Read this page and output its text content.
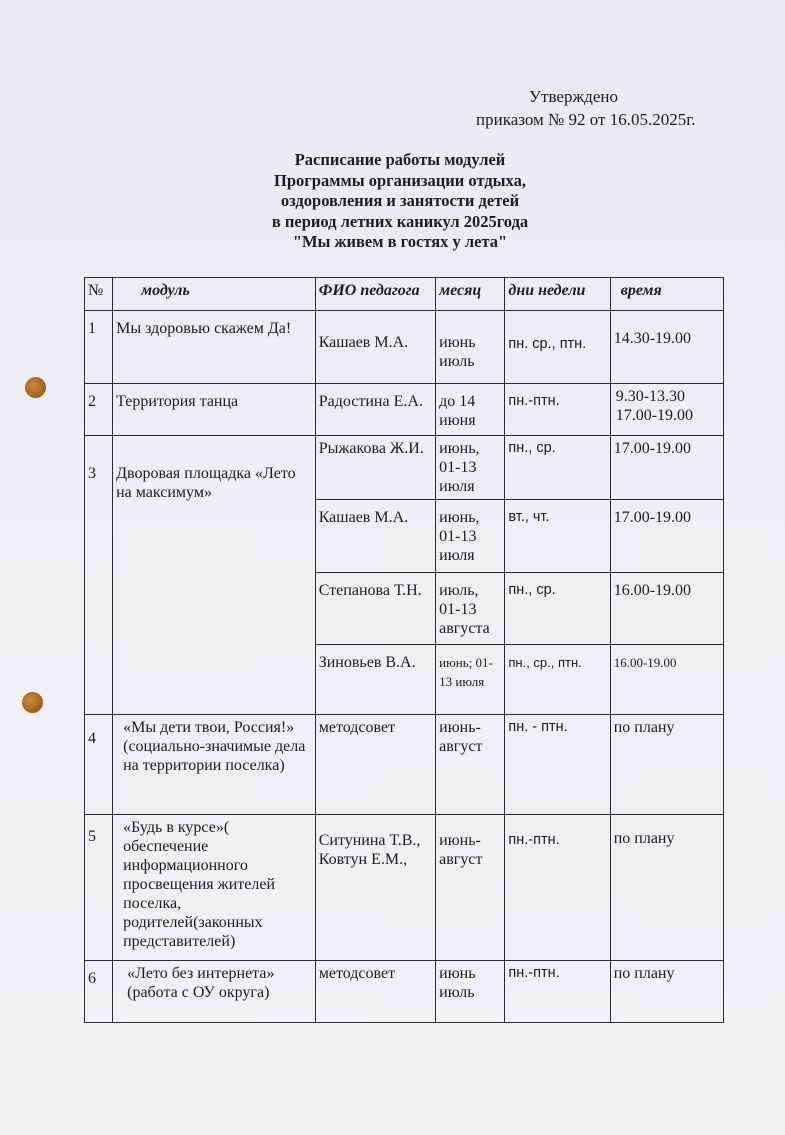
Утверждено
приказом № 92 от 16.05.2025г.
Расписание работы модулей
Программы организации отдыха,
оздоровления и занятости детей
в период летних каникул 2025года
"Мы живем в гостях у лета"
№	модуль	ФИО педагога	месяц	дни недели	время
1	Мы здоровью скажем Да!	Кашаев М.А.	июнь июль	пн. ср., птн.	14.30-19.00
2	Территория танца	Радостина Е.А.	до 14 июня	пн.-птн.	9.30-13.30 17.00-19.00
3	Дворовая площадка «Лето на максимум»	Рыжакова Ж.И.	июнь, 01-13 июля	пн., ср.	17.00-19.00
		Кашаев М.А.	июнь, 01-13 июля	вт., чт.	17.00-19.00
		Степанова Т.Н.	июль, 01-13 августа	пн., ср.	16.00-19.00
		Зиновьев В.А.	июнь; 01-13 июля	пн., ср., птн.	16.00-19.00
4	«Мы дети твои, Россия!» (социально-значимые дела на территории поселка)	методсовет	июнь-август	пн. - птн.	по плану
5	«Будь в курсе»( обеспечение информационного просвещения жителей поселка, родителей(законных представителей)	Ситунина Т.В., Ковтун Е.М.,	июнь-август	пн.-птн.	по плану
6	«Лето без интернета» (работа с ОУ округа)	методсовет	июнь июль	пн.-птн.	по плану
